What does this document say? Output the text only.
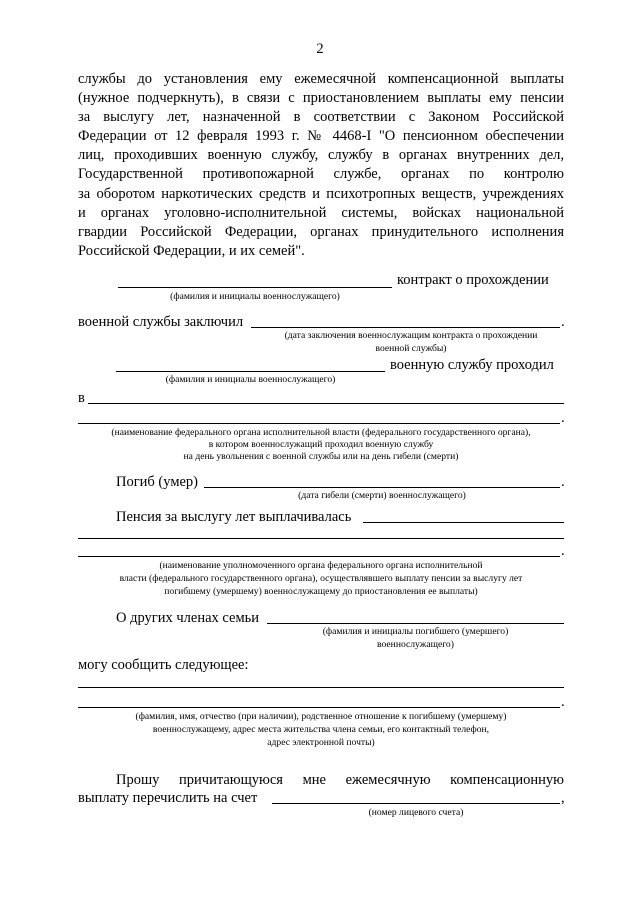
2

службы до установления ему ежемесячной компенсационной выплаты

(нужное подчеркнуть), в связи с приостановлением выплаты ему пенсии

за выслугу лет, назначенной в соответствии с Законом Российской

Федерации от 12 февраля 1993 г. № 4468-I "О пенсионном обеспечении

лиц, проходивших военную службу, службу в органах внутренних дел,

Государственной противопожарной службе, органах по контролю

за оборотом наркотических средств и психотропных веществ, учреждениях

и органах уголовно-исполнительной системы, войсках национальной

гвардии Российской Федерации, органах принудительного исполнения

Российской Федерации, и их семей".

контракт о прохождении
(фамилия и инициалы военнослужащего)
военной службы заключил	.
(дата заключения военнослужащим контракта о прохождении
военной службы)
военную службу проходил
(фамилия и инициалы военнослужащего)
в
.
(наименование федерального органа исполнительной власти (федерального государственного органа),
в котором военнослужащий проходил военную службу
на день увольнения с военной службы или на день гибели (смерти)
Погиб (умер)	.
(дата гибели (смерти) военнослужащего)
Пенсия за выслугу лет выплачивалась
.
(наименование уполномоченного органа федерального органа исполнительной
власти (федерального государственного органа), осуществлявшего выплату пенсии за выслугу лет
погибшему (умершему) военнослужащему до приостановления ее выплаты)
О других членах семьи
(фамилия и инициалы погибшего (умершего)
военнослужащего)
могу сообщить следующее:
.
(фамилия, имя, отчество (при наличии), родственное отношение к погибшему (умершему)
военнослужащему, адрес места жительства члена семьи, его контактный телефон,
адрес электронной почты)
Прошу причитающуюся мне ежемесячную компенсационную
выплату перечислить на счет	,
(номер лицевого счета)
